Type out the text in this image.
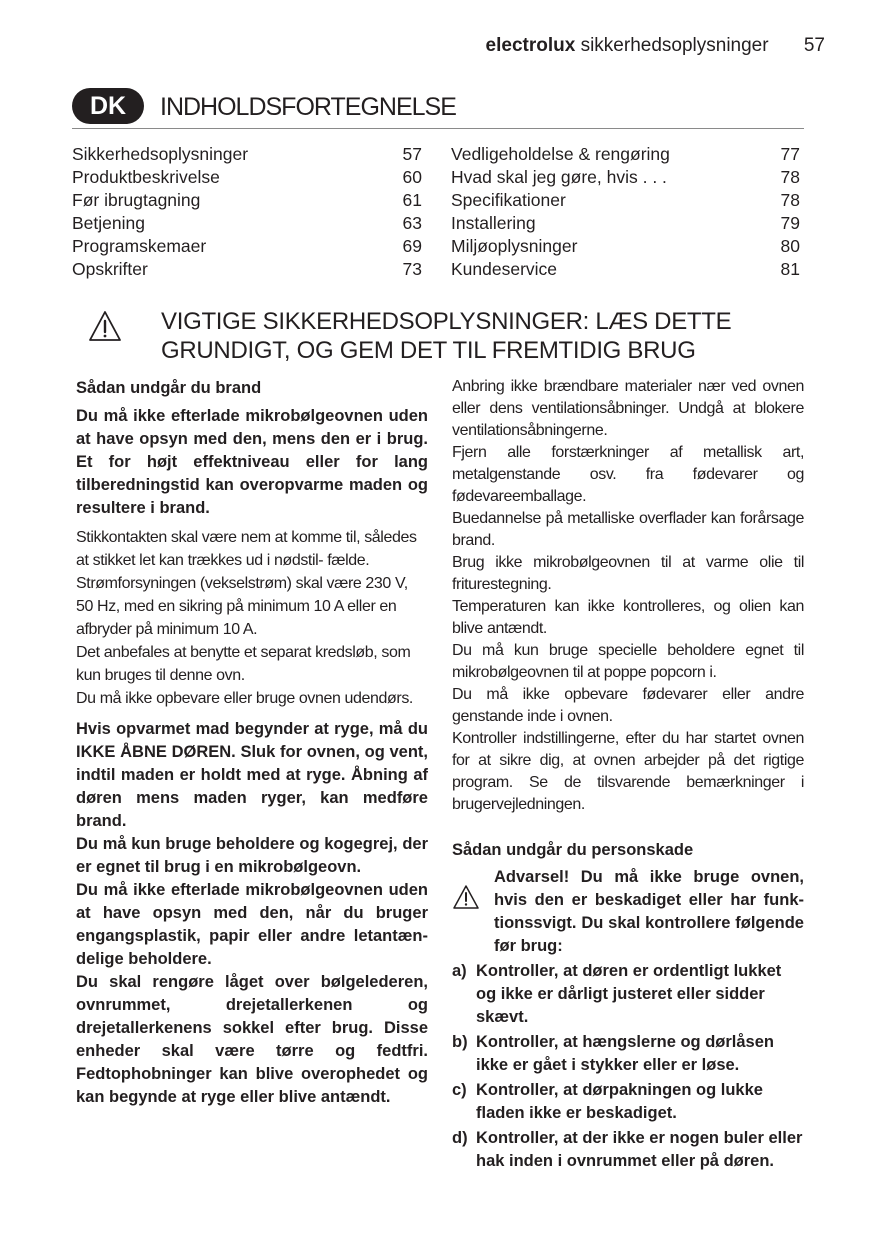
electrolux sikkerhedsoplysninger 57
DK	INDHOLDSFORTEGNELSE
Sikkerhedsoplysninger	57
Produktbeskrivelse	60
Før ibrugtagning	61
Betjening	63
Programskemaer	69
Opskrifter	73
Vedligeholdelse & rengøring	77
Hvad skal jeg gøre, hvis . . .	78
Specifikationer	78
Installering	79
Miljøoplysninger	80
Kundeservice	81
VIGTIGE SIKKERHEDSOPLYSNINGER: LÆS DETTE
GRUNDIGT, OG GEM DET TIL FREMTIDIG BRUG
Sådan undgår du brand

Du må ikke efterlade mikrobølgeovnen uden at have opsyn med den, mens den er i brug. Et for højt effektniveau eller for lang tilberedningstid kan overopvarme maden og resultere i brand.

Stikkontakten skal være nem at komme til, således at stikket let kan trækkes ud i nødstil- fælde. Strømforsyningen (vekselstrøm) skal være 230 V, 50 Hz, med en sikring på minimum 10 A eller en afbryder på minimum 10 A.

Det anbefales at benytte et separat kredsløb, som kun bruges til denne ovn.

Du må ikke opbevare eller bruge ovnen udendørs.

Hvis opvarmet mad begynder at ryge, må du IKKE ÅBNE DØREN. Sluk for ovnen, og vent, indtil maden er holdt med at ryge. Åbning af døren mens maden ryger, kan medføre brand.

Du må kun bruge beholdere og kogegrej, der er egnet til brug i en mikrobølgeovn.

Du må ikke efterlade mikrobølgeovnen uden at have opsyn med den, når du bruger engangsplastik, papir eller andre letantæn- delige beholdere.

Du skal rengøre låget over bølgelederen, ovnrummet, drejetallerkenen og drejetallerkenens sokkel efter brug. Disse enheder skal være tørre og fedtfri. Fedtophobninger kan blive overophedet og kan begynde at ryge eller blive antændt.

Anbring ikke brændbare materialer nær ved ovnen eller dens ventilationsåbninger. Undgå at blokere ventilationsåbningerne.

Fjern alle forstærkninger af metallisk art, metalgenstande osv. fra fødevarer og fødevareemballage.

Buedannelse på metalliske overflader kan forårsage brand.

Brug ikke mikrobølgeovnen til at varme olie til friturestegning.

Temperaturen kan ikke kontrolleres, og olien kan blive antændt.

Du må kun bruge specielle beholdere egnet til mikrobølgeovnen til at poppe popcorn i.

Du må ikke opbevare fødevarer eller andre genstande inde i ovnen.

Kontroller indstillingerne, efter du har startet ovnen for at sikre dig, at ovnen arbejder på det rigtige program. Se de tilsvarende bemærkninger i brugervejledningen.

Sådan undgår du personskade

Advarsel! Du må ikke bruge ovnen, hvis den er beskadiget eller har funk- tionssvigt. Du skal kontrollere følgende før brug:

a) Kontroller, at døren er ordentligt lukket og ikke er dårligt justeret eller sidder skævt.
b) Kontroller, at hængslerne og dørlåsen ikke er gået i stykker eller er løse.
c) Kontroller, at dørpakningen og lukke fladen ikke er beskadiget.
d) Kontroller, at der ikke er nogen buler eller hak inden i ovnrummet eller på døren.
